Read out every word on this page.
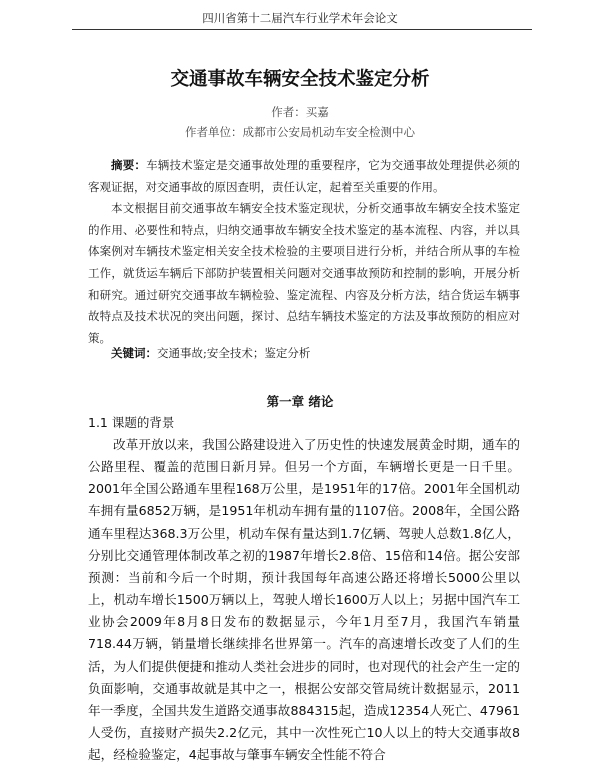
四川省第十二届汽车行业学术年会论文
交通事故车辆安全技术鉴定分析
作者：买嘉
作者单位：成都市公安局机动车安全检测中心

摘要：车辆技术鉴定是交通事故处理的重要程序，它为交通事故处理提供必须的客观证据，对交通事故的原因查明，责任认定，起着至关重要的作用。

本文根据目前交通事故车辆安全技术鉴定现状，分析交通事故车辆安全技术鉴定的作用、必要性和特点，归纳交通事故车辆安全技术鉴定的基本流程、内容，并以具体案例对车辆技术鉴定相关安全技术检验的主要项目进行分析，并结合所从事的车检工作，就货运车辆后下部防护装置相关问题对交通事故预防和控制的影响，开展分析和研究。通过研究交通事故车辆检验、鉴定流程、内容及分析方法，结合货运车辆事故特点及技术状况的突出问题，探讨、总结车辆技术鉴定的方法及事故预防的相应对策。

关键词：交通事故;安全技术；鉴定分析
第一章 绪论
1.1 课题的背景

改革开放以来，我国公路建设进入了历史性的快速发展黄金时期，通车的公路里程、覆盖的范围日新月异。但另一个方面，车辆增长更是一日千里。2001年全国公路通车里程168万公里，是1951年的17倍。2001年全国机动车拥有量6852万辆，是1951年机动车拥有量的1107倍。2008年，全国公路通车里程达368.3万公里，机动车保有量达到1.7亿辆、驾驶人总数1.8亿人，分别比交通管理体制改革之初的1987年增长2.8倍、15倍和14倍。据公安部预测：当前和今后一个时期，预计我国每年高速公路还将增长5000公里以上，机动车增长1500万辆以上，驾驶人增长1600万人以上；另据中国汽车工业协会2009年8月8日发布的数据显示，今年1月至7月，我国汽车销量718.44万辆，销量增长继续排名世界第一。汽车的高速增长改变了人们的生活，为人们提供便捷和推动人类社会进步的同时，也对现代的社会产生一定的负面影响，交通事故就是其中之一，根据公安部交管局统计数据显示，2011年一季度，全国共发生道路交通事故884315起，造成12354人死亡、47961人受伤，直接财产损失2.2亿元，其中一次性死亡10人以上的特大交通事故8起，经检验鉴定，4起事故与肇事车辆安全性能不符合
